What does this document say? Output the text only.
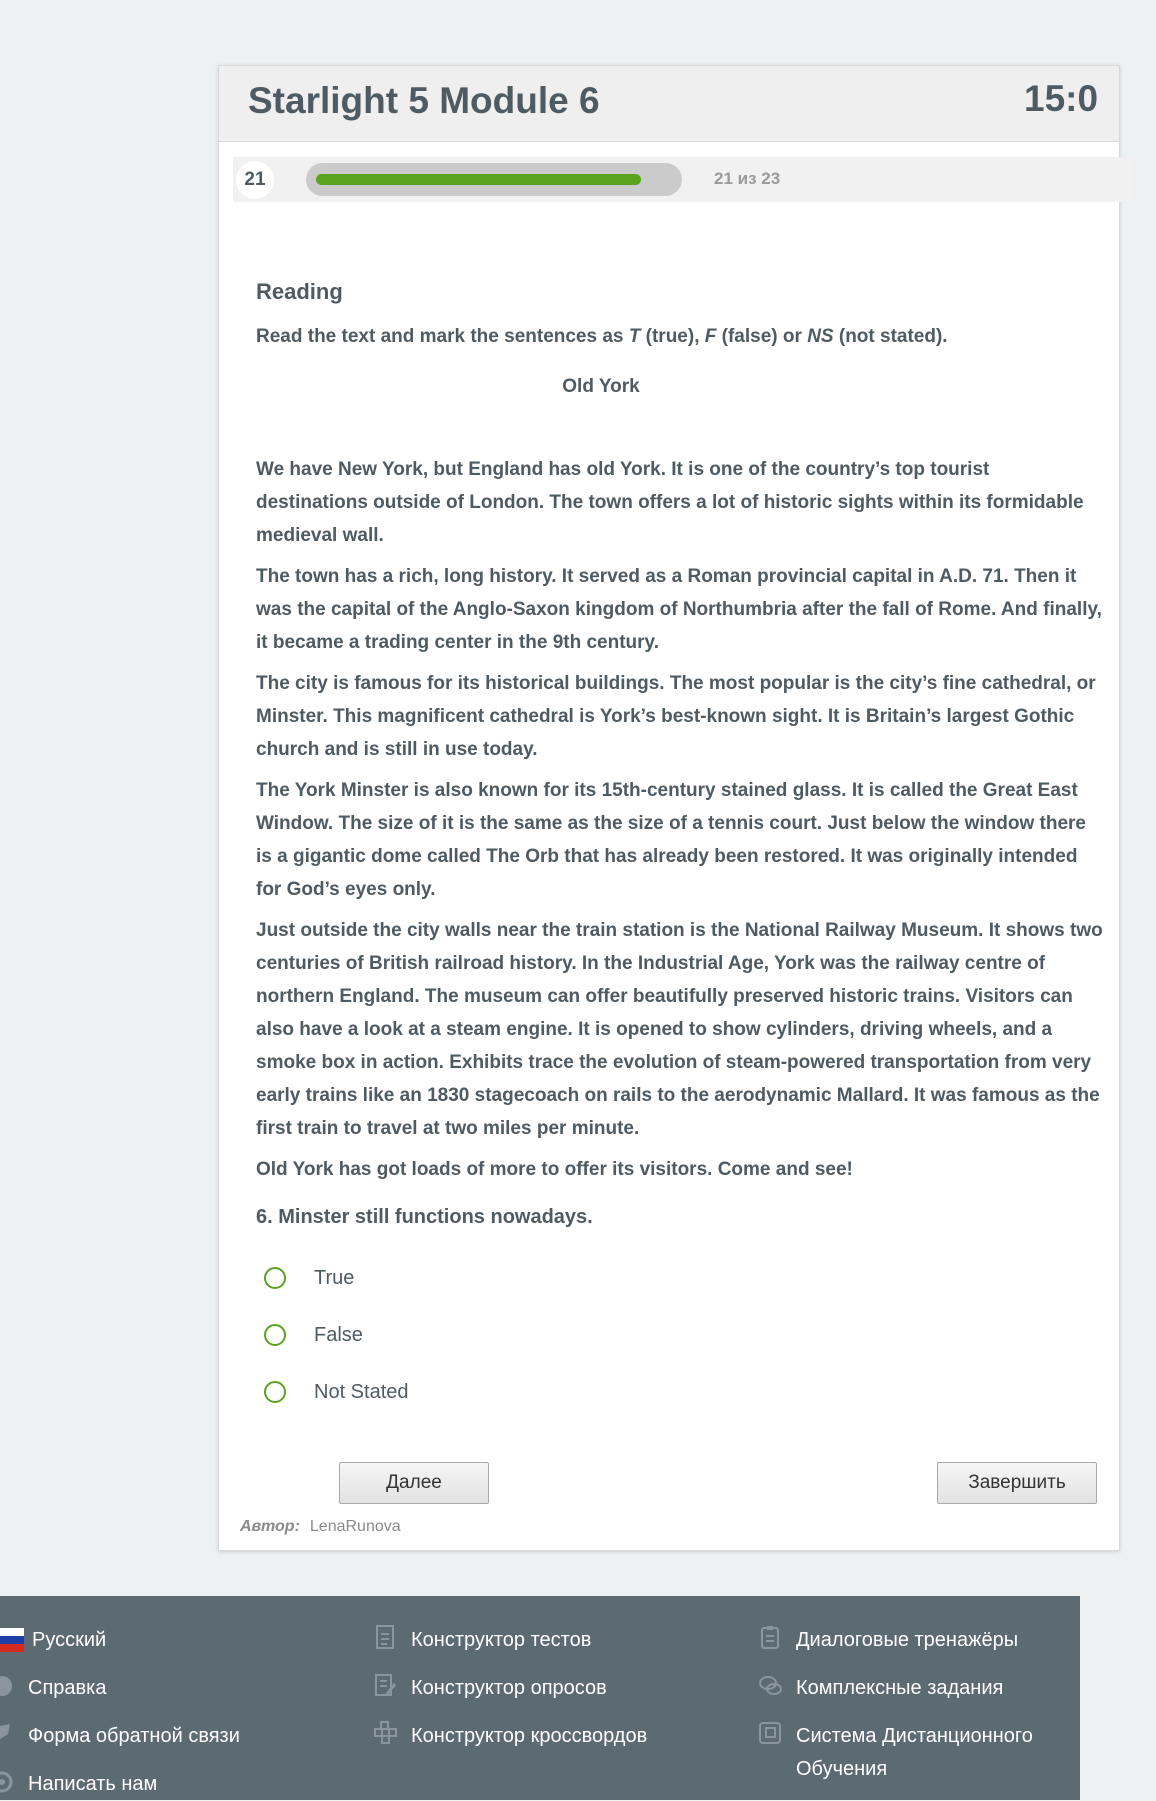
Starlight 5 Module 6	15:0
21	21 из 23
Reading
Read the text and mark the sentences as T (true), F (false) or NS (not stated).
Old York

We have New York, but England has old York. It is one of the country’s top tourist destinations outside of London. The town offers a lot of historic sights within its formidable medieval wall.

The town has a rich, long history. It served as a Roman provincial capital in A.D. 71. Then it was the capital of the Anglo-Saxon kingdom of Northumbria after the fall of Rome. And finally, it became a trading center in the 9th century.

The city is famous for its historical buildings. The most popular is the city’s fine cathedral, or Minster. This magnificent cathedral is York’s best-known sight. It is Britain’s largest Gothic church and is still in use today.

The York Minster is also known for its 15th-century stained glass. It is called the Great East Window. The size of it is the same as the size of a tennis court. Just below the window there is a gigantic dome called The Orb that has already been restored. It was originally intended for God’s eyes only.

Just outside the city walls near the train station is the National Railway Museum. It shows two centuries of British railroad history. In the Industrial Age, York was the railway centre of northern England. The museum can offer beautifully preserved historic trains. Visitors can also have a look at a steam engine. It is opened to show cylinders, driving wheels, and a smoke box in action. Exhibits trace the evolution of steam-powered transportation from very early trains like an 1830 stagecoach on rails to the aerodynamic Mallard. It was famous as the first train to travel at two miles per minute.

Old York has got loads of more to offer its visitors. Come and see!

6. Minster still functions nowadays.
True
False
Not Stated
Далее	Завершить
Автор: LenaRunova
Русский
Справка
Форма обратной связи
Написать нам
Конструктор тестов
Конструктор опросов
Конструктор кроссвордов
Диалоговые тренажёры
Комплексные задания
Система Дистанционного
Обучения
